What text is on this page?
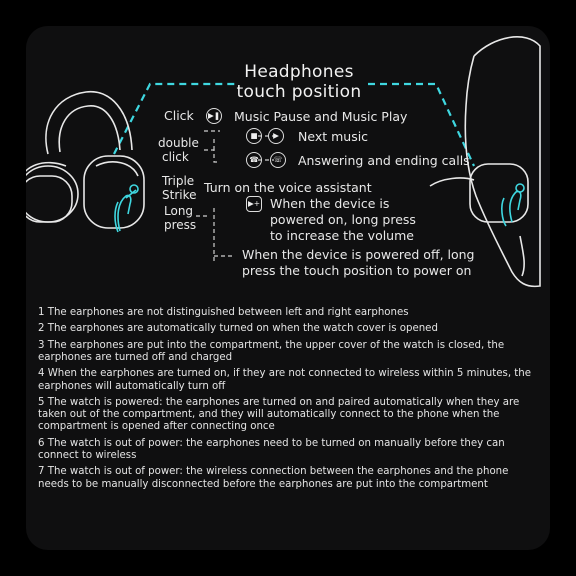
Headphones
touch position
Click
double
click
Triple
Strike
Long
press
▶❚
■	▶
☎	☏
▶+
Music Pause and Music Play
Next music
Answering and ending calls
Turn on the voice assistant
When the device is
powered on, long press
to increase the volume
When the device is powered off, long
press the touch position to power on

1 The earphones are not distinguished between left and right earphones

2 The earphones are automatically turned on when the watch cover is opened

3 The earphones are put into the compartment, the upper cover of the watch is closed, the earphones are turned off and charged

4 When the earphones are turned on, if they are not connected to wireless within 5 minutes, the earphones will automatically turn off

5 The watch is powered: the earphones are turned on and paired automatically when they are taken out of the compartment, and they will automatically connect to the phone when the compartment is opened after connecting once

6 The watch is out of power: the earphones need to be turned on manually before they can connect to wireless

7 The watch is out of power: the wireless connection between the earphones and the phone needs to be manually disconnected before the earphones are put into the compartment
